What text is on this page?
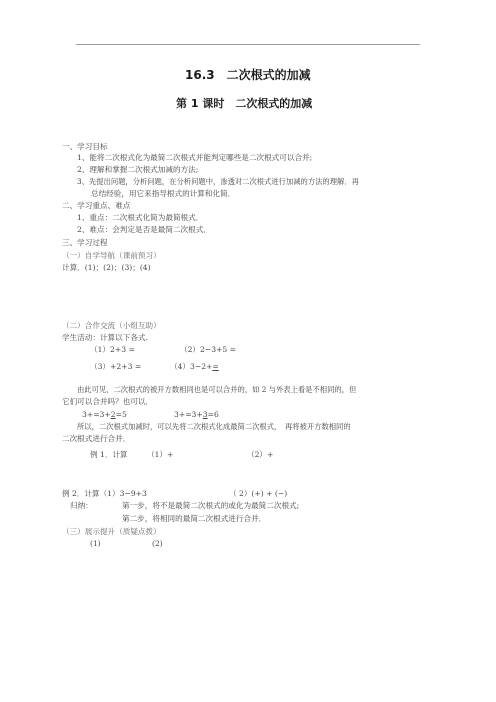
16.3　二次根式的加减
第 1 课时　二次根式的加减
一、学习目标
1、能将二次根式化为最简二次根式并能判定哪些是二次根式可以合并;
2、理解和掌握二次根式加减的方法;
3、先提出问题，分析问题，在分析问题中，渗透对二次根式进行加减的方法的理解．再
总结经验，用它来指导根式的计算和化简．
二、学习重点、难点
1、重点：二次根式化简为最简根式．
2、难点：会判定是否是最简二次根式．
三、学习过程
（一）自学导航（课前预习）
计算．(1)；(2)；(3)；(4)
（二）合作交流（小组互助）
学生活动：计算以下各式.
（1）2+3 =	（2）2−3+5 =
（3）+2+3 =	（4）3−2+=
由此可见，二次根式的被开方数相同也是可以合并的，如 2 与外表上看是不相同的，但
它们可以合并吗？也可以．
3+=3+2=5	3+=3+3=6
所以，二次根式加减时，可以先将二次根式化成最简二次根式，　再将被开方数相同的
二次根式进行合并．
例 1．计算	（1）+	（2）+
例 2．计算（1）3−9+3	（ 2）(+) + (−)
归纳：	第一步，将不是最简二次根式的或化为最简二次根式;
第二步，将相同的最简二次根式进行合并．
（三）展示提升（质疑点拨）
(1)	(2)
